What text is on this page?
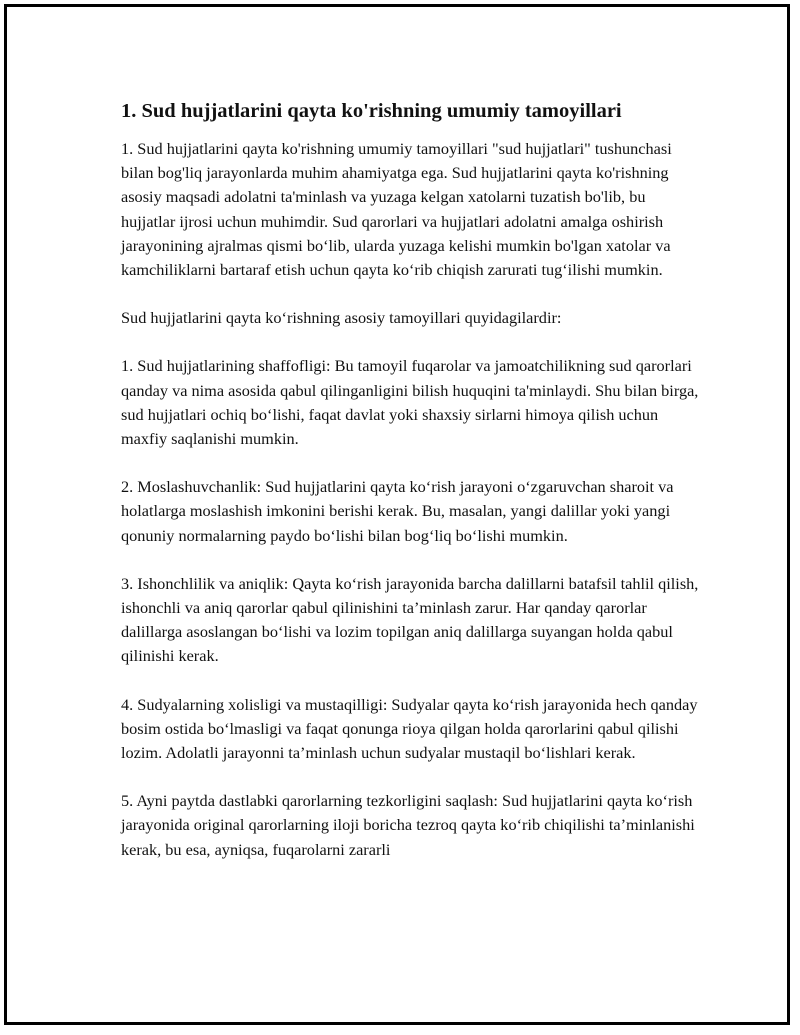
1. Sud hujjatlarini qayta ko'rishning umumiy tamoyillari

1. Sud hujjatlarini qayta ko'rishning umumiy tamoyillari "sud hujjatlari" tushunchasi bilan bog'liq jarayonlarda muhim ahamiyatga ega. Sud hujjatlarini qayta ko'rishning asosiy maqsadi adolatni ta'minlash va yuzaga kelgan xatolarni tuzatish bo'lib, bu hujjatlar ijrosi uchun muhimdir. Sud qarorlari va hujjatlari adolatni amalga oshirish jarayonining ajralmas qismi bo‘lib, ularda yuzaga kelishi mumkin bo'lgan xatolar va kamchiliklarni bartaraf etish uchun qayta ko‘rib chiqish zarurati tug‘ilishi mumkin.

Sud hujjatlarini qayta ko‘rishning asosiy tamoyillari quyidagilardir:

1. Sud hujjatlarining shaffofligi: Bu tamoyil fuqarolar va jamoatchilikning sud qarorlari qanday va nima asosida qabul qilinganligini bilish huquqini ta'minlaydi. Shu bilan birga, sud hujjatlari ochiq bo‘lishi, faqat davlat yoki shaxsiy sirlarni himoya qilish uchun maxfiy saqlanishi mumkin.

2. Moslashuvchanlik: Sud hujjatlarini qayta ko‘rish jarayoni o‘zgaruvchan sharoit va holatlarga moslashish imkonini berishi kerak. Bu, masalan, yangi dalillar yoki yangi qonuniy normalarning paydo bo‘lishi bilan bog‘liq bo‘lishi mumkin.

3. Ishonchlilik va aniqlik: Qayta ko‘rish jarayonida barcha dalillarni batafsil tahlil qilish, ishonchli va aniq qarorlar qabul qilinishini ta’minlash zarur. Har qanday qarorlar dalillarga asoslangan bo‘lishi va lozim topilgan aniq dalillarga suyangan holda qabul qilinishi kerak.

4. Sudyalarning xolisligi va mustaqilligi: Sudyalar qayta ko‘rish jarayonida hech qanday bosim ostida bo‘lmasligi va faqat qonunga rioya qilgan holda qarorlarini qabul qilishi lozim. Adolatli jarayonni ta’minlash uchun sudyalar mustaqil bo‘lishlari kerak.

5. Ayni paytda dastlabki qarorlarning tezkorligini saqlash: Sud hujjatlarini qayta ko‘rish jarayonida original qarorlarning iloji boricha tezroq qayta ko‘rib chiqilishi ta’minlanishi kerak, bu esa, ayniqsa, fuqarolarni zararli
